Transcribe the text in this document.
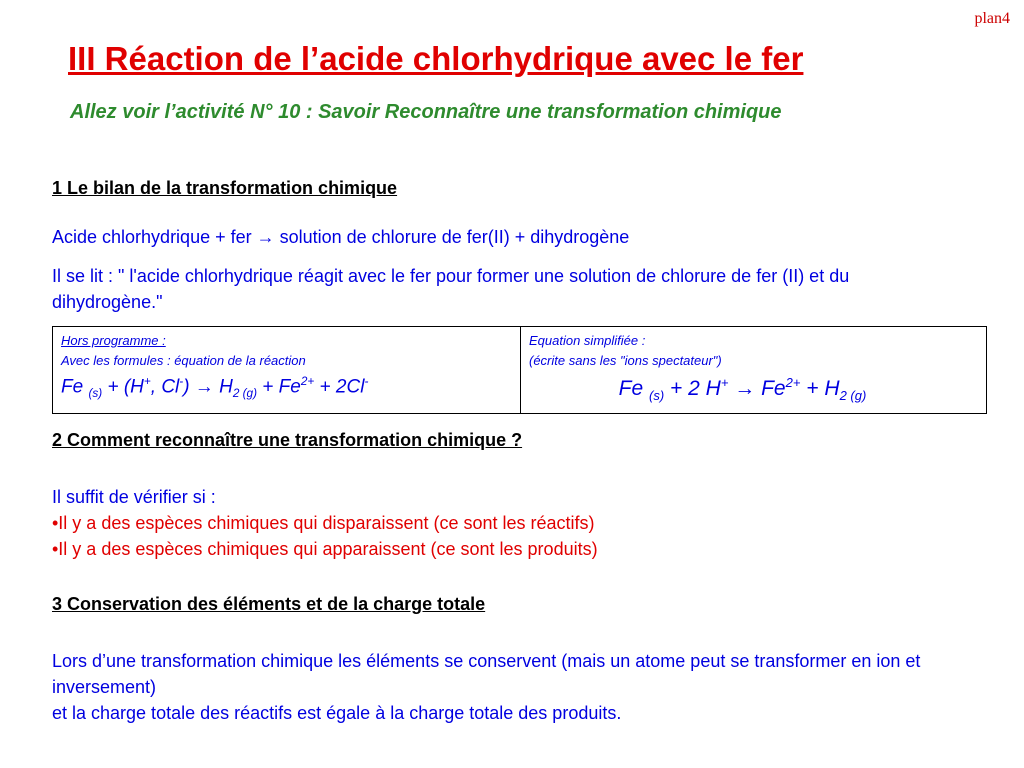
plan4
III Réaction de l’acide chlorhydrique avec le fer
Allez voir l’activité N° 10 : Savoir Reconnaître une transformation chimique
1 Le bilan de la transformation chimique
Acide chlorhydrique + fer → solution de chlorure de fer(II) + dihydrogène
Il se lit : " l'acide chlorhydrique réagit avec le fer pour former une solution de chlorure de fer (II) et du dihydrogène."
Hors programme :
Avec les formules : équation de la réaction
Fe $_{(s)}$ + (H+, $Cl^-) \to H_2$ $_{(g)} + Fe^{2+} + 2Cl^-$
Equation simplifiée :
(écrite sans les "ions spectateur")
Fe $_{(s)}$ + 2 $H^+ \to Fe^{2+} + H_2$ $_{(g)}$
2 Comment reconnaître une transformation chimique ?
Il suffit de vérifier si :
•Il y a des espèces chimiques qui disparaissent (ce sont les réactifs)
•Il y a des espèces chimiques qui apparaissent (ce sont les produits)
3 Conservation des éléments et de la charge totale
Lors d’une transformation chimique les éléments se conservent (mais un atome peut se transformer en ion et inversement)
et la charge totale des réactifs est égale à la charge totale des produits.
